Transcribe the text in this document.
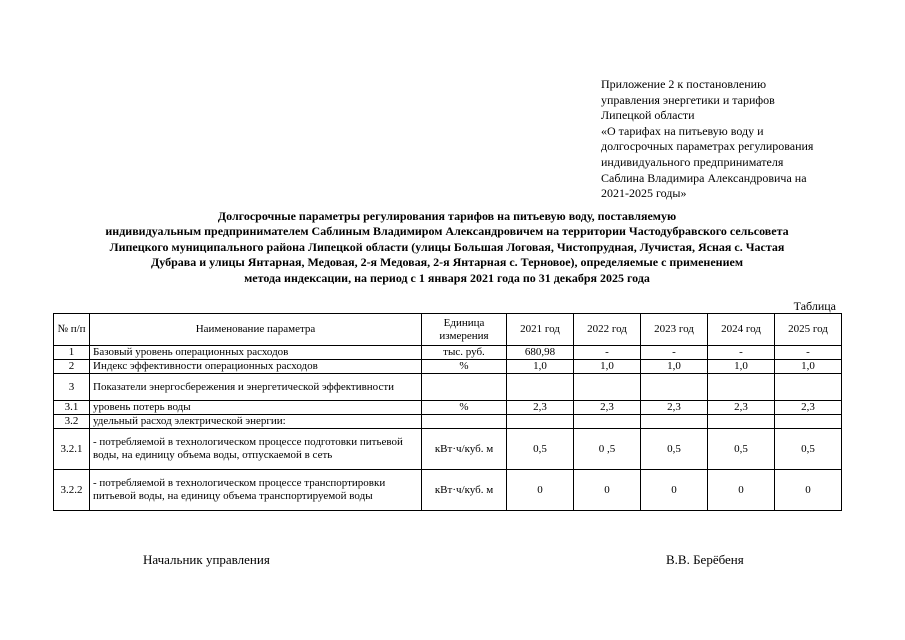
Приложение 2 к постановлению
управления энергетики и тарифов
Липецкой области
«О тарифах на питьевую воду и
долгосрочных параметрах регулирования
индивидуального предпринимателя
Саблина Владимира Александровича на
2021-2025 годы»
Долгосрочные параметры регулирования тарифов на питьевую воду, поставляемую
индивидуальным предпринимателем Саблиным Владимиром Александровичем на территории Частодубравского сельсовета
Липецкого муниципального района Липецкой области (улицы Большая Логовая, Чистопрудная, Лучистая, Ясная с. Частая
Дубрава и улицы Янтарная, Медовая, 2-я Медовая, 2-я Янтарная с. Терновое), определяемые с применением
метода индексации, на период с 1 января 2021 года по 31 декабря 2025 года
Таблица
№ п/п	Наименование параметра	Единица измерения	2021 год	2022 год	2023 год	2024 год	2025 год
1	Базовый уровень операционных расходов	тыс. руб.	680,98	-	-	-	-
2	Индекс эффективности операционных расходов	%	1,0	1,0	1,0	1,0	1,0
3	Показатели энергосбережения и энергетической эффективности						
3.1	уровень потерь воды	%	2,3	2,3	2,3	2,3	2,3
3.2	удельный расход электрической энергии:						
3.2.1	- потребляемой в технологическом процессе подготовки питьевой воды, на единицу объема воды, отпускаемой в сеть	кВт·ч/куб. м	0,5	0 ,5	0,5	0,5	0,5
3.2.2	- потребляемой в технологическом процессе транспортировки питьевой воды, на единицу объема транспортируемой воды	кВт·ч/куб. м	0	0	0	0	0
Начальник управления	В.В. Берёбеня
